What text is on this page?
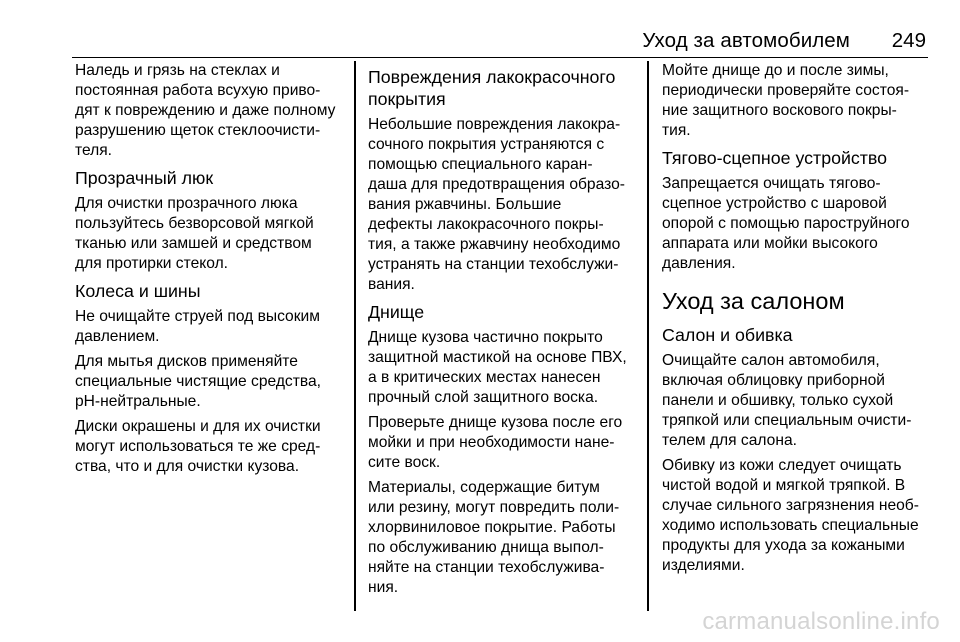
Уход за автомобилем 249

Наледь и грязь на стеклах и
постоянная работа всухую приво-
дят к повреждению и даже полному
разрушению щеток стеклоочисти-
теля.

Прозрачный люк

Для очистки прозрачного люка
пользуйтесь безворсовой мягкой
тканью или замшей и средством
для протирки стекол.

Колеса и шины

Не очищайте струей под высоким
давлением.

Для мытья дисков применяйте
специальные чистящие средства,
pH-нейтральные.

Диски окрашены и для их очистки
могут использоваться те же сред-
ства, что и для очистки кузова.

Повреждения лакокрасочного
покрытия

Небольшие повреждения лакокра-
сочного покрытия устраняются с
помощью специального каран-
даша для предотвращения образо-
вания ржавчины. Большие
дефекты лакокрасочного покры-
тия, а также ржавчину необходимо
устранять на станции техобслужи-
вания.

Днище

Днище кузова частично покрыто
защитной мастикой на основе ПВХ,
а в критических местах нанесен
прочный слой защитного воска.

Проверьте днище кузова после его
мойки и при необходимости нане-
сите воск.

Материалы, содержащие битум
или резину, могут повредить поли-
хлорвиниловое покрытие. Работы
по обслуживанию днища выпол-
няйте на станции техобслужива-
ния.

Мойте днище до и после зимы,
периодически проверяйте состоя-
ние защитного воскового покры-
тия.

Тягово-сцепное устройство

Запрещается очищать тягово-
сцепное устройство с шаровой
опорой с помощью пароструйного
аппарата или мойки высокого
давления.

Уход за салоном
Салон и обивка

Очищайте салон автомобиля,
включая облицовку приборной
панели и обшивку, только сухой
тряпкой или специальным очисти-
телем для салона.

Обивку из кожи следует очищать
чистой водой и мягкой тряпкой. В
случае сильного загрязнения необ-
ходимо использовать специальные
продукты для ухода за кожаными
изделиями.

carmanualsonline.info
